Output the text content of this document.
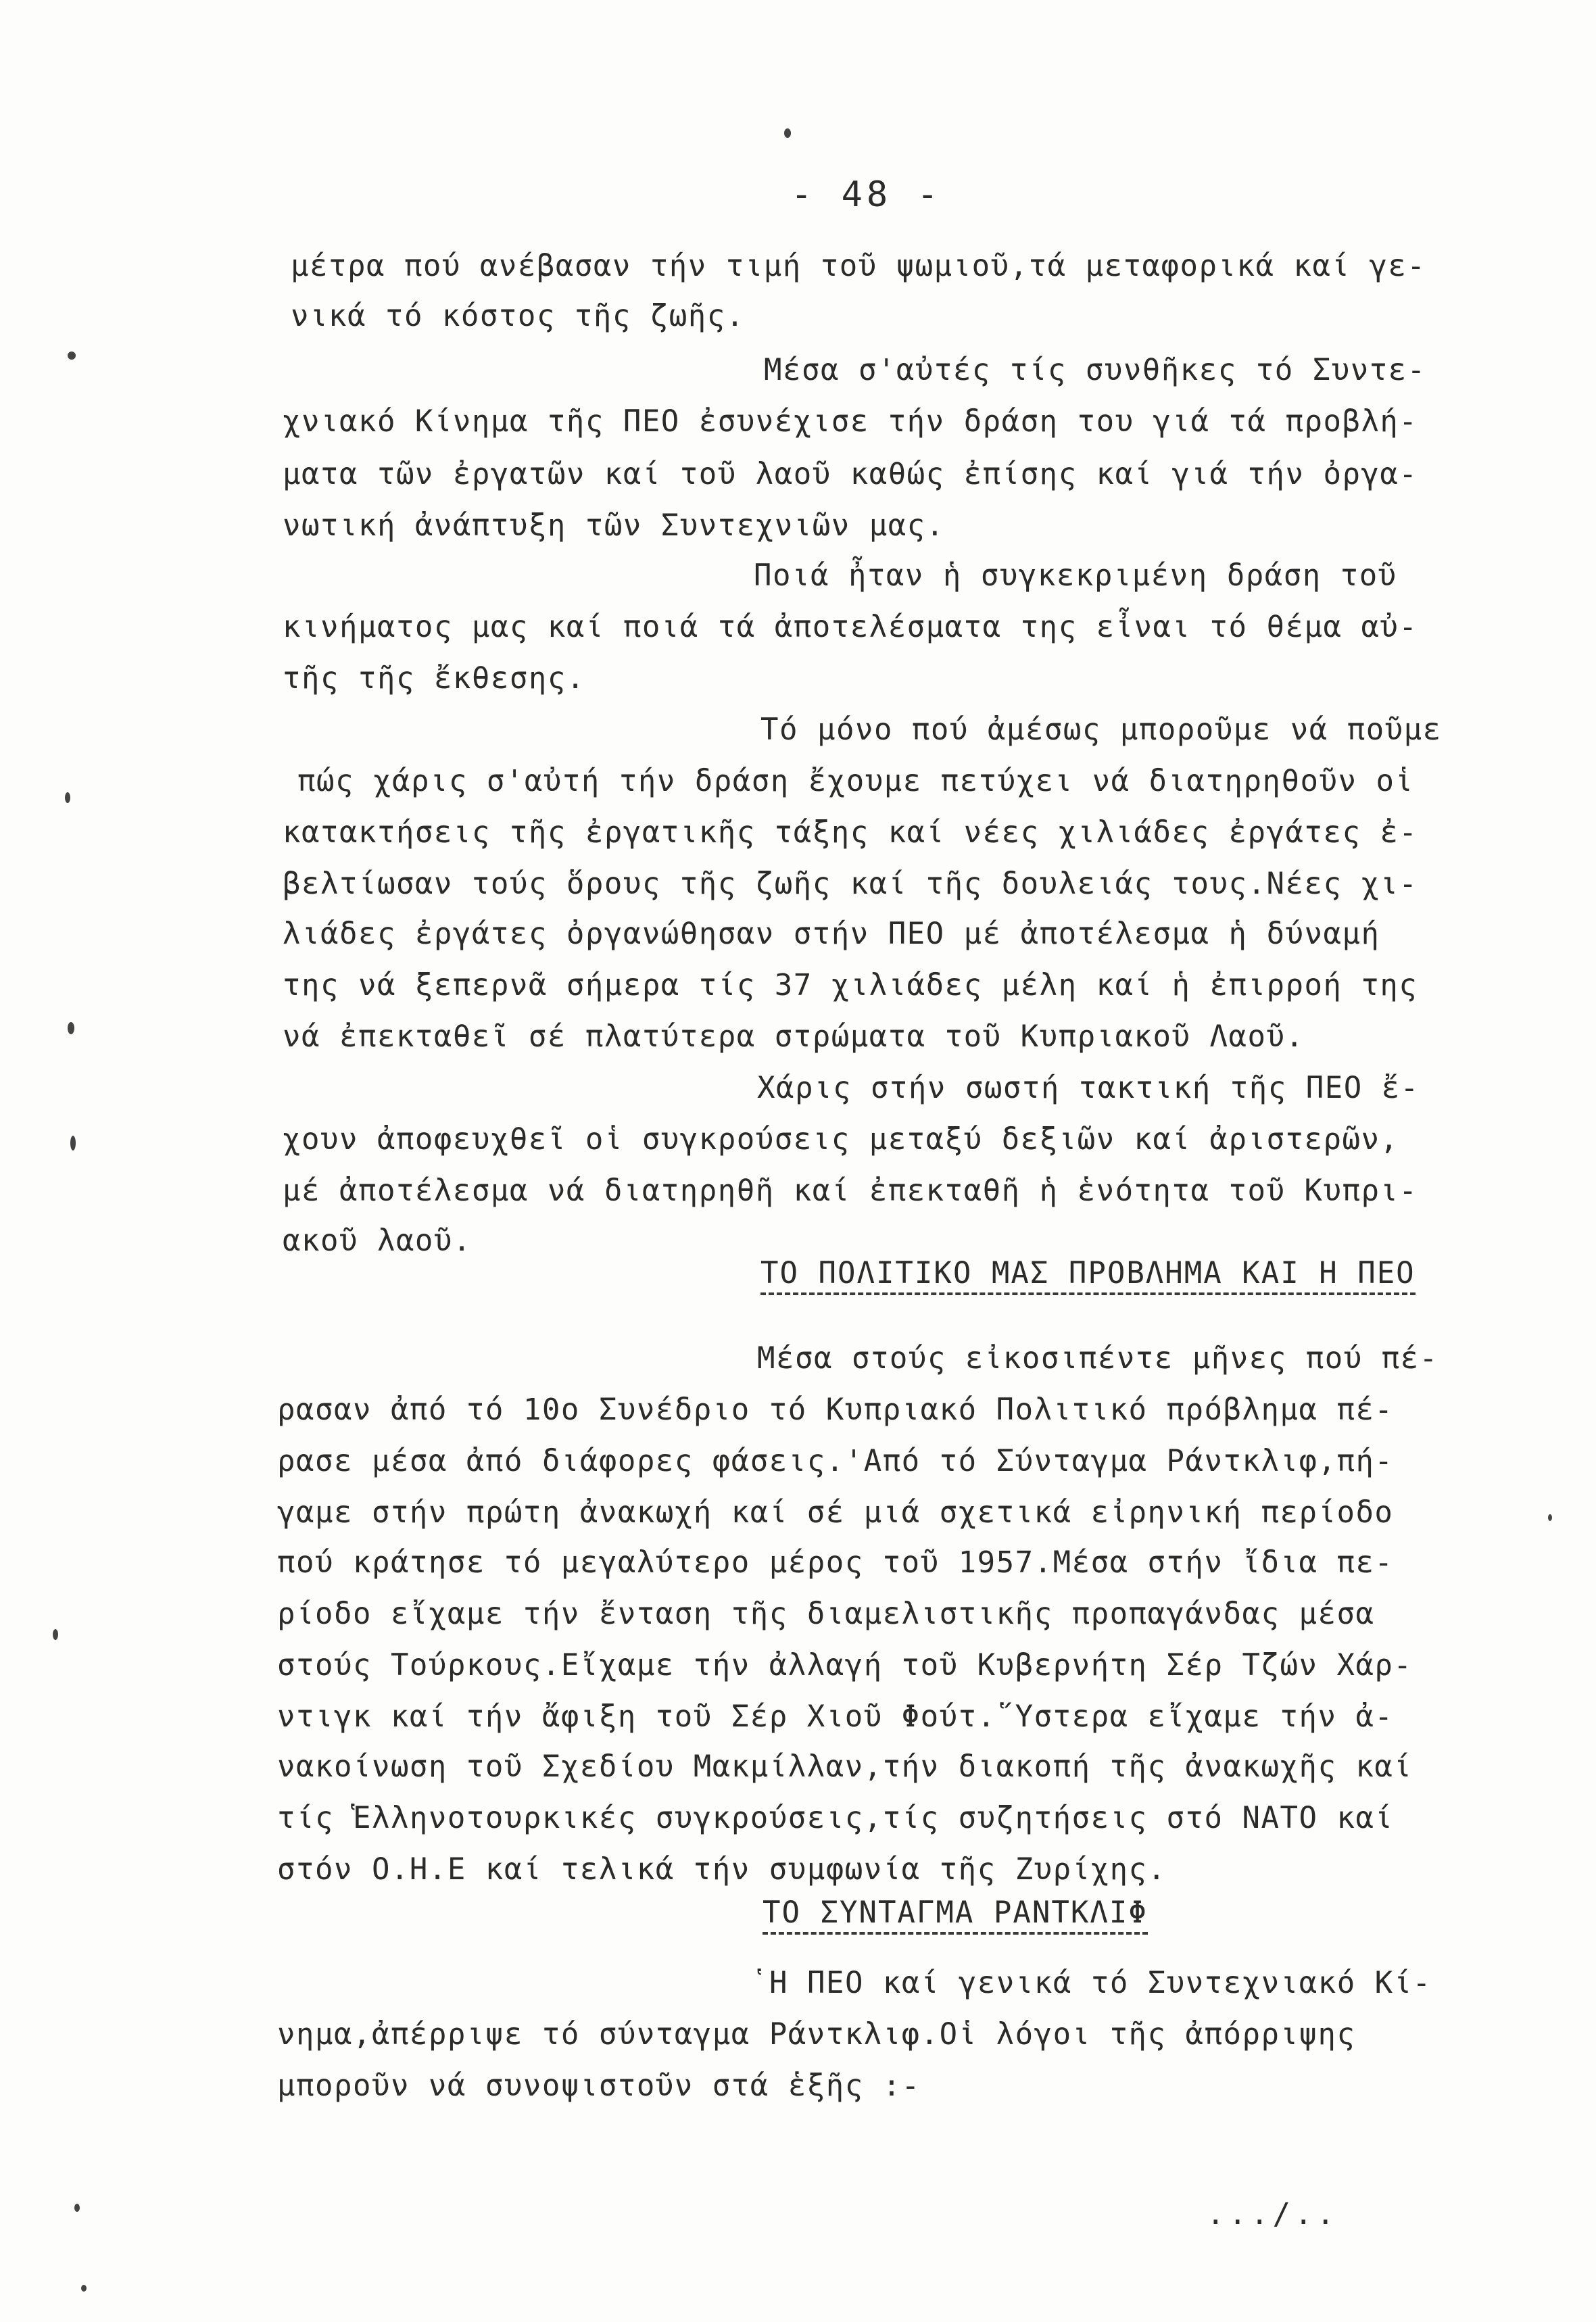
- 48 -
μέτρα πού ανέβασαν τήν τιμή τοῦ ψωμιοῦ,τά μεταφορικά καί γε-
νικά τό κόστος τῆς ζωῆς.
Μέσα σ'αὐτές τίς συνθῆκες τό Συντε-
χνιακό Κίνημα τῆς ΠΕΟ ἐσυνέχισε τήν δράση του γιά τά προβλή-
ματα τῶν ἐργατῶν καί τοῦ λαοῦ καθώς ἐπίσης καί γιά τήν ὀργα-
νωτική ἀνάπτυξη τῶν Συντεχνιῶν μας.
Ποιά ἦταν ἡ συγκεκριμένη δράση τοῦ
κινήματος μας καί ποιά τά ἀποτελέσματα της εἶναι τό θέμα αὐ-
τῆς τῆς ἔκθεσης.
Τό μόνο πού ἀμέσως μποροῦμε νά ποῦμε
πώς χάρις σ'αὐτή τήν δράση ἔχουμε πετύχει νά διατηρηθοῦν οἱ
κατακτήσεις τῆς ἐργατικῆς τάξης καί νέες χιλιάδες ἐργάτες ἐ-
βελτίωσαν τούς ὅρους τῆς ζωῆς καί τῆς δουλειάς τους.Νέες χι-
λιάδες ἐργάτες ὀργανώθησαν στήν ΠΕΟ μέ ἀποτέλεσμα ἡ δύναμή
της νά ξεπερνᾶ σήμερα τίς 37 χιλιάδες μέλη καί ἡ ἐπιρροή της
νά ἐπεκταθεῖ σέ πλατύτερα στρώματα τοῦ Κυπριακοῦ Λαοῦ.
Χάρις στήν σωστή τακτική τῆς ΠΕΟ ἔ-
χουν ἀποφευχθεῖ οἱ συγκρούσεις μεταξύ δεξιῶν καί ἀριστερῶν,
μέ ἀποτέλεσμα νά διατηρηθῆ καί ἐπεκταθῆ ἡ ἑνότητα τοῦ Κυπρι-
ακοῦ λαοῦ.
ΤΟ ΠΟΛΙΤΙΚΟ ΜΑΣ ΠΡΟΒΛΗΜΑ ΚΑΙ Η ΠΕΟ
Μέσα στούς εἰκοσιπέντε μῆνες πού πέ-
ρασαν ἀπό τό 10ο Συνέδριο τό Κυπριακό Πολιτικό πρόβλημα πέ-
ρασε μέσα ἀπό διάφορες φάσεις.'Από τό Σύνταγμα Ράντκλιφ,πή-
γαμε στήν πρώτη ἀνακωχή καί σέ μιά σχετικά εἰρηνική περίοδο
πού κράτησε τό μεγαλύτερο μέρος τοῦ 1957.Μέσα στήν ἴδια πε-
ρίοδο εἴχαμε τήν ἔνταση τῆς διαμελιστικῆς προπαγάνδας μέσα
στούς Τούρκους.Εἴχαμε τήν ἀλλαγή τοῦ Κυβερνήτη Σέρ Τζών Χάρ-
ντιγκ καί τήν ἄφιξη τοῦ Σέρ Χιοῦ Φούτ.῞Υστερα εἴχαμε τήν ἀ-
νακοίνωση τοῦ Σχεδίου Μακμίλλαν,τήν διακοπή τῆς ἀνακωχῆς καί
τίς Ἑλληνοτουρκικές συγκρούσεις,τίς συζητήσεις στό ΝΑΤΟ καί
στόν Ο.Η.Ε καί τελικά τήν συμφωνία τῆς Ζυρίχης.
ΤΟ ΣΥΝΤΑΓΜΑ ΡΑΝΤΚΛΙΦ
῾Η ΠΕΟ καί γενικά τό Συντεχνιακό Κί-
νημα,ἀπέρριψε τό σύνταγμα Ράντκλιφ.Οἱ λόγοι τῆς ἀπόρριψης
μποροῦν νά συνοψιστοῦν στά ἑξῆς :-
.../..
